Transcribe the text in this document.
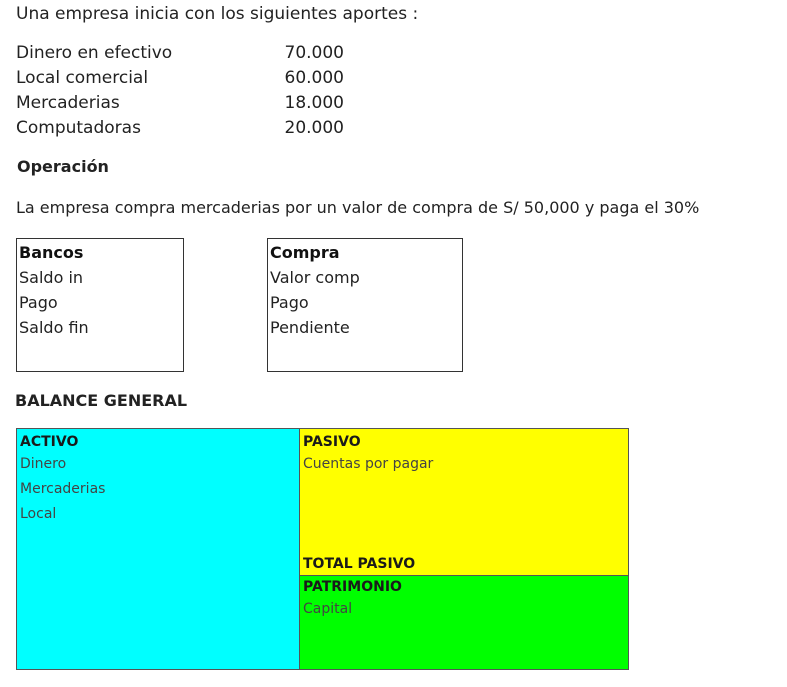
Una empresa inicia con los siguientes aportes :
Dinero en efectivo	70.000
Local comercial	60.000
Mercaderias	18.000
Computadoras	20.000
Operación
La empresa compra mercaderias por un valor de compra de S/ 50,000 y paga el 30%
Bancos
Saldo in
Pago
Saldo fin
Compra
Valor comp
Pago
Pendiente
BALANCE GENERAL
ACTIVO
Dinero
Mercaderias
Local
PASIVO
Cuentas por pagar
TOTAL PASIVO
PATRIMONIO
Capital
